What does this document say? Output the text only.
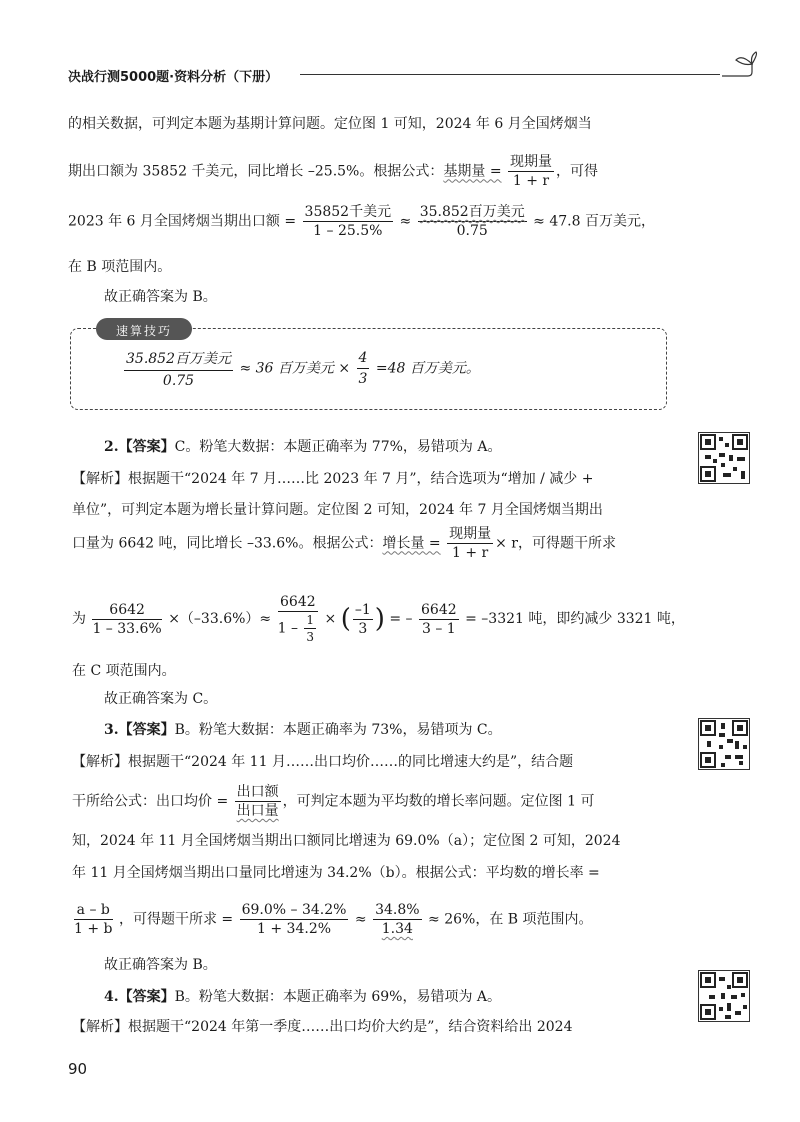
决战行测5000题·资料分析（下册）
的相关数据，可判定本题为基期计算问题。定位图 1 可知，2024 年 6 月全国烤烟当
期出口额为 35852 千美元，同比增长 –25.5%。根据公式：基期量 = $\frac{\text{现期量}}{1 + r}$ ，可得
2023 年 6 月全国烤烟当期出口额 = $\frac{\text{35852千美元}}{1 - 25.5\%} \approx \frac{\text{35.852百万美元}}{0.75} \approx 47.8$ 百万美元，
在 B 项范围内。
故正确答案为 B。
速算技巧
$\frac{\text{35.852百万美元}}{0.75} \approx 36$ 百万美元 × $\frac{4}{3} =48$ 百万美元。
2.【答案】C。粉笔大数据：本题正确率为 77%，易错项为 A。
【解析】根据题干“2024 年 7 月……比 2023 年 7 月”，结合选项为“增加 / 减少 +
单位”，可判定本题为增长量计算问题。定位图 2 可知，2024 年 7 月全国烤烟当期出
口量为 6642 吨，同比增长 –33.6%。根据公式：增长量 = $\frac{\text{现期量}}{1 + r} \times r$，可得题干所求
为 $\frac{6642}{1 - 33.6\%} \times(-33.6\%)\approx \frac{6642}{1 - \frac{1}{3}}$ × ( $\frac{-1}{3}$ ) = – $\frac{6642}{3 - 1} = -3321$ 吨，即约减少 3321 吨，
在 C 项范围内。
故正确答案为 C。
3.【答案】B。粉笔大数据：本题正确率为 73%，易错项为 C。
【解析】根据题干“2024 年 11 月……出口均价……的同比增速大约是”，结合题
干所给公式：出口均价 = $\frac{\text{出口额}}{\text{出口量}}$ ，可判定本题为平均数的增长率问题。定位图 1 可
知，2024 年 11 月全国烤烟当期出口额同比增速为 69.0%（a）；定位图 2 可知，2024
年 11 月全国烤烟当期出口量同比增速为 34.2%（b）。根据公式：平均数的增长率 =
$\frac{a - b}{1 + b}$ ，可得题干所求 = $\frac{69.0\% - 34.2\%}{1 + 34.2\%} \approx \frac{34.8\%}{1.34} \approx 26\%$，在 B 项范围内。
故正确答案为 B。
4.【答案】B。粉笔大数据：本题正确率为 69%，易错项为 A。
【解析】根据题干“2024 年第一季度……出口均价大约是”，结合资料给出 2024
90
